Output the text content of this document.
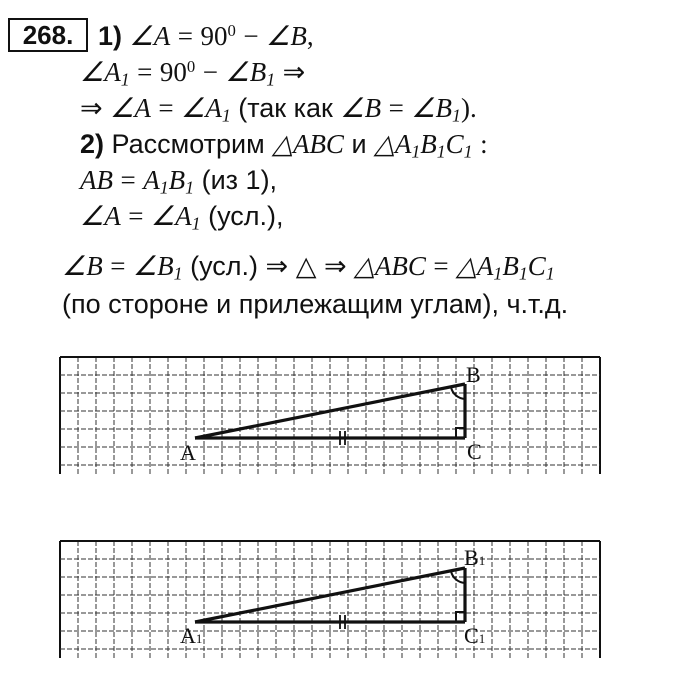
268. 1) ∠A = $90^0$ − ∠B,
$\angle A_1 = 90^0$ − $\angle B_1$ ⇒
⇒ ∠A = $\angle A_1$ (так как ∠B = $\angle B_1$).
2) Рассмотрим △ABC и $\triangle A_1B_1C_1$ :
AB = $A_1B_1$ (из 1),
∠A = $\angle A_1$ (усл.),
∠B = $\angle B_1$ (усл.) ⇒ △ ⇒ △ABC = $\triangle A_1B_1C_1$
(по стороне и прилежащим углам), ч.т.д.
A
B
C
A1
B1
C1
